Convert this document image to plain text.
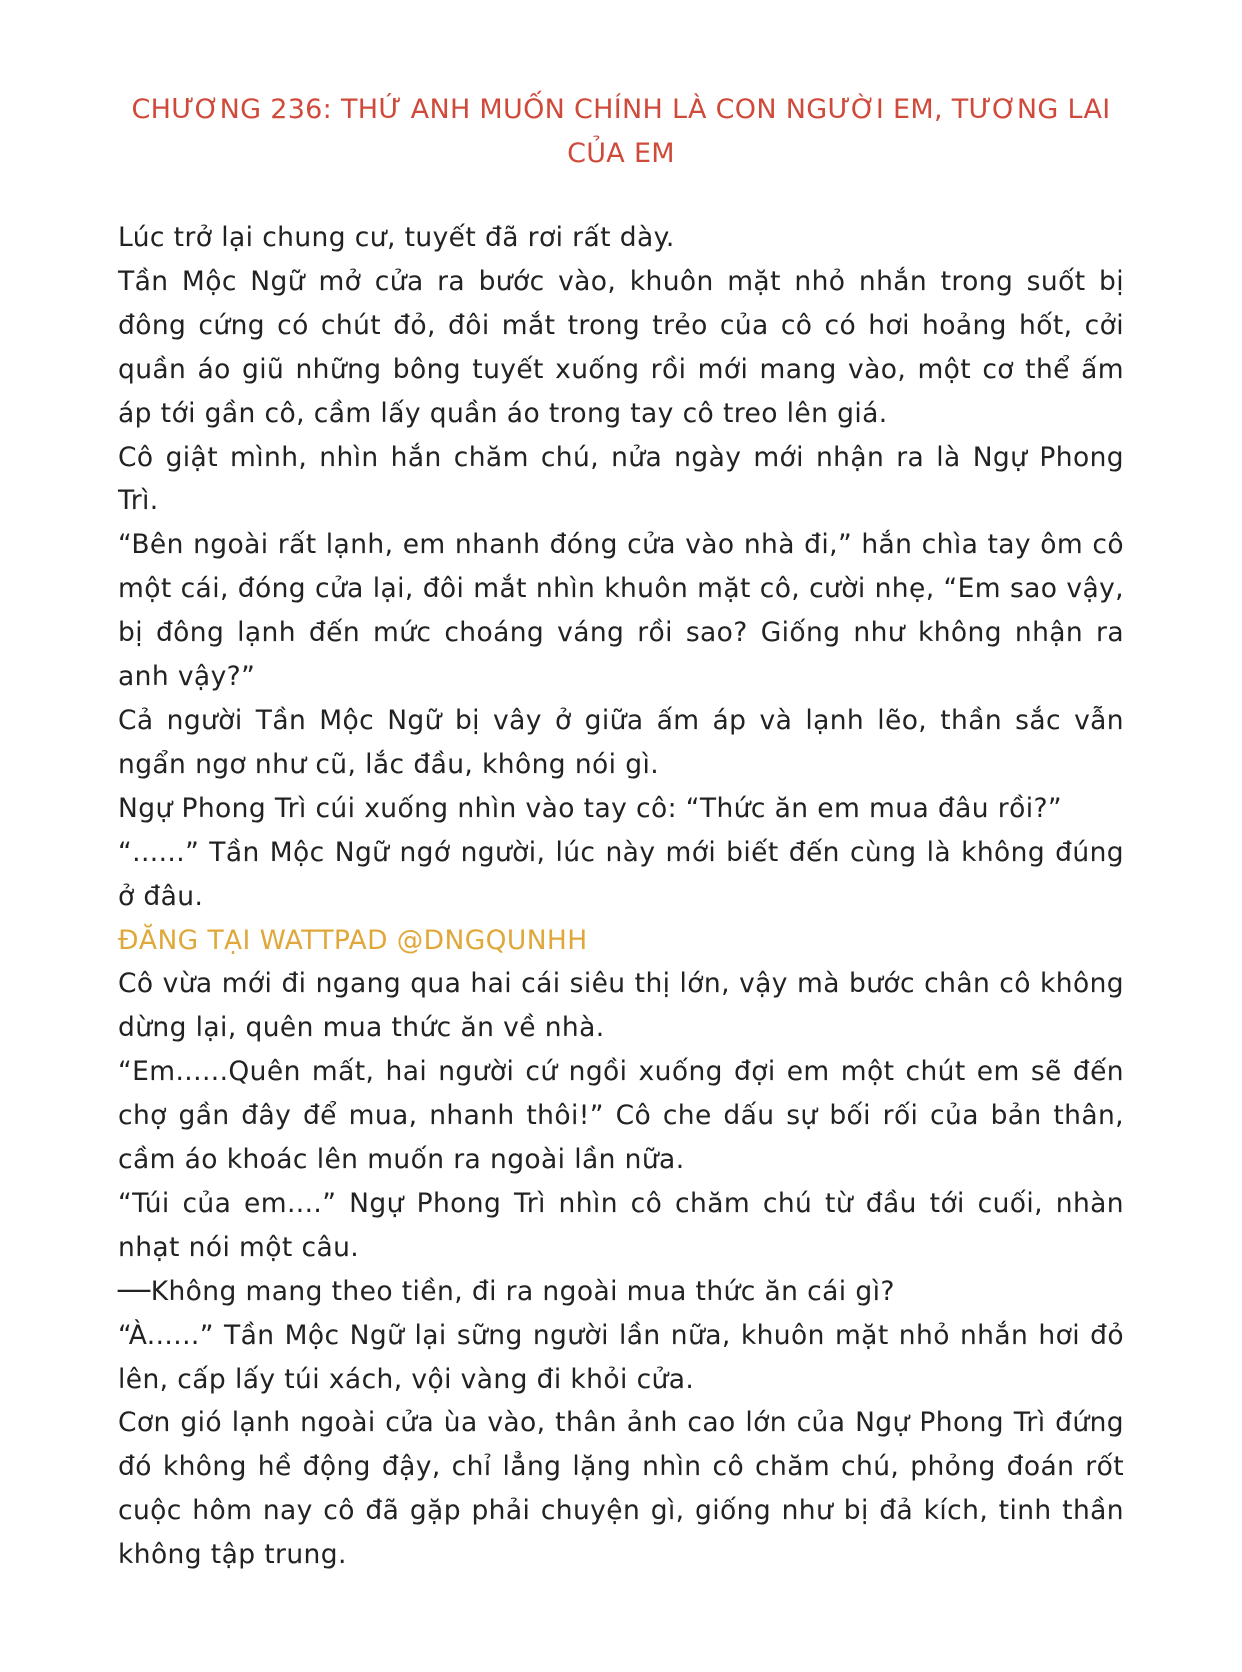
CHƯƠNG 236: THỨ ANH MUỐN CHÍNH LÀ CON NGƯỜI EM, TƯƠNG LAI CỦA EM

Lúc trở lại chung cư, tuyết đã rơi rất dày.

Tần Mộc Ngữ mở cửa ra bước vào, khuôn mặt nhỏ nhắn trong suốt bị đông cứng có chút đỏ, đôi mắt trong trẻo của cô có hơi hoảng hốt, cởi quần áo giũ những bông tuyết xuống rồi mới mang vào, một cơ thể ấm áp tới gần cô, cầm lấy quần áo trong tay cô treo lên giá.

Cô giật mình, nhìn hắn chăm chú, nửa ngày mới nhận ra là Ngự Phong Trì.

“Bên ngoài rất lạnh, em nhanh đóng cửa vào nhà đi,” hắn chìa tay ôm cô một cái, đóng cửa lại, đôi mắt nhìn khuôn mặt cô, cười nhẹ, “Em sao vậy, bị đông lạnh đến mức choáng váng rồi sao? Giống như không nhận ra anh vậy?”

Cả người Tần Mộc Ngữ bị vây ở giữa ấm áp và lạnh lẽo, thần sắc vẫn ngẩn ngơ như cũ, lắc đầu, không nói gì.

Ngự Phong Trì cúi xuống nhìn vào tay cô: “Thức ăn em mua đâu rồi?”

“......” Tần Mộc Ngữ ngớ người, lúc này mới biết đến cùng là không đúng ở đâu.

ĐĂNG TẠI WATTPAD @DNGQUNHH

Cô vừa mới đi ngang qua hai cái siêu thị lớn, vậy mà bước chân cô không dừng lại, quên mua thức ăn về nhà.

“Em......Quên mất, hai người cứ ngồi xuống đợi em một chút em sẽ đến chợ gần đây để mua, nhanh thôi!” Cô che dấu sự bối rối của bản thân, cầm áo khoác lên muốn ra ngoài lần nữa.

“Túi của em....” Ngự Phong Trì nhìn cô chăm chú từ đầu tới cuối, nhàn nhạt nói một câu.

──Không mang theo tiền, đi ra ngoài mua thức ăn cái gì?

“À......” Tần Mộc Ngữ lại sững người lần nữa, khuôn mặt nhỏ nhắn hơi đỏ lên, cấp lấy túi xách, vội vàng đi khỏi cửa.

Cơn gió lạnh ngoài cửa ùa vào, thân ảnh cao lớn của Ngự Phong Trì đứng đó không hề động đậy, chỉ lẳng lặng nhìn cô chăm chú, phỏng đoán rốt cuộc hôm nay cô đã gặp phải chuyện gì, giống như bị đả kích, tinh thần không tập trung.
